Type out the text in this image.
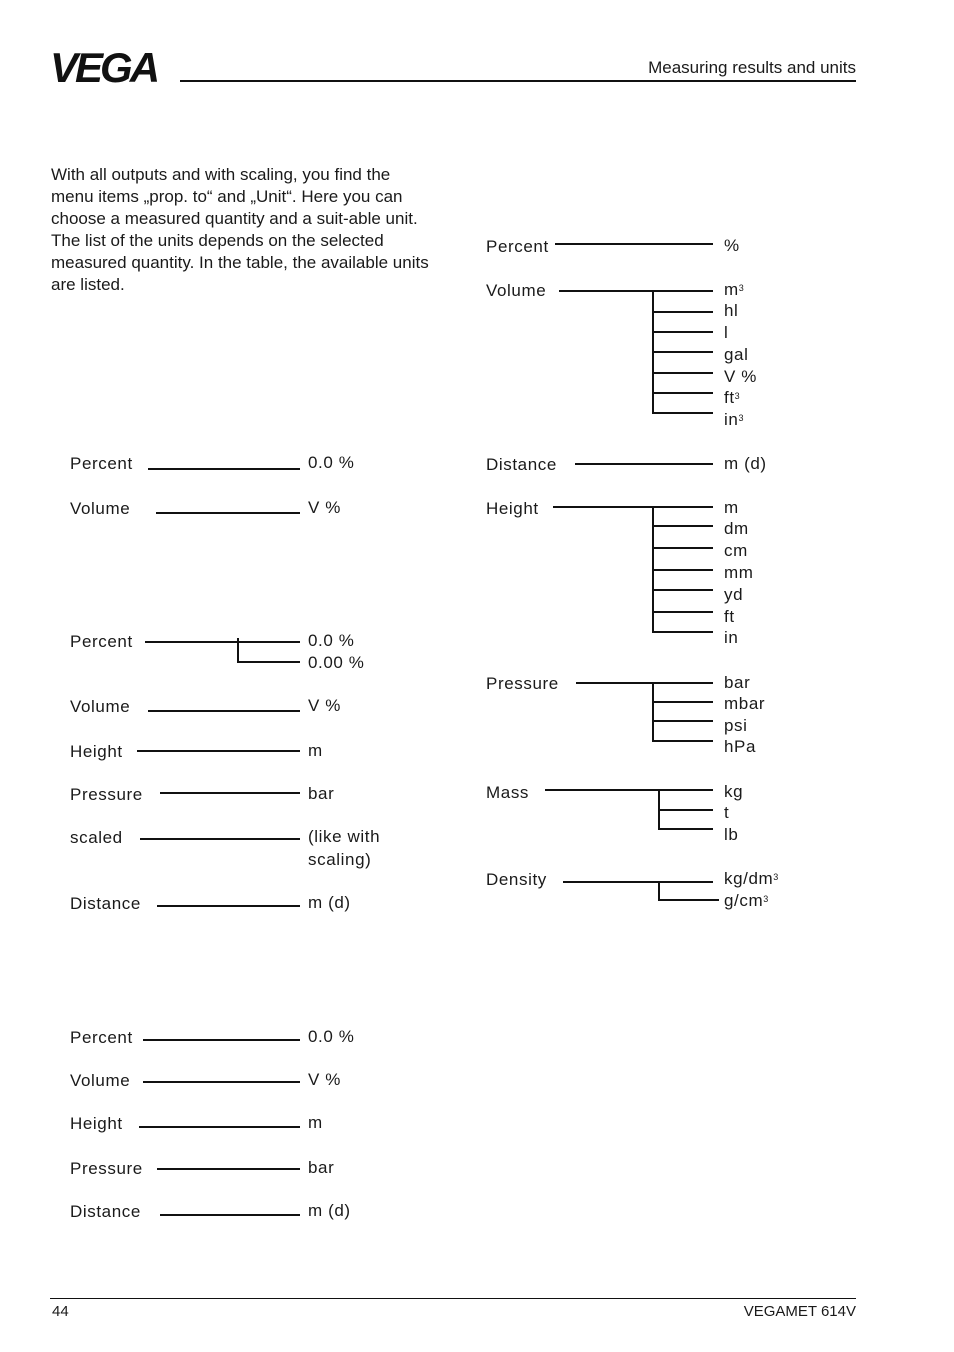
VEGA	Measuring results and units
With all outputs and with scaling, you find the menu items „prop. to“ and „Unit“. Here you can choose a measured quantity and a suit-able unit. The list of the units depends on the selected measured quantity. In the table, the available units are listed.
Percent	0.0 %
Volume	V %
Percent	0.0 %
0.00 %
Volume	V %
Height	m
Pressure	bar
scaled	(like with
scaling)
Distance	m (d)
Percent	0.0 %
Volume	V %
Height	m
Pressure	bar
Distance	m (d)
Percent	%
Volume	$m^3$
hl
l
gal
V %
$ft^3$
$in^3$
Distance	m (d)
Height	m
dm
cm
mm
yd
ft
in
Pressure	bar
mbar
psi
hPa
Mass	kg
t
lb
Density	$kg/dm^3$
$g/cm^3$
44	VEGAMET 614V
